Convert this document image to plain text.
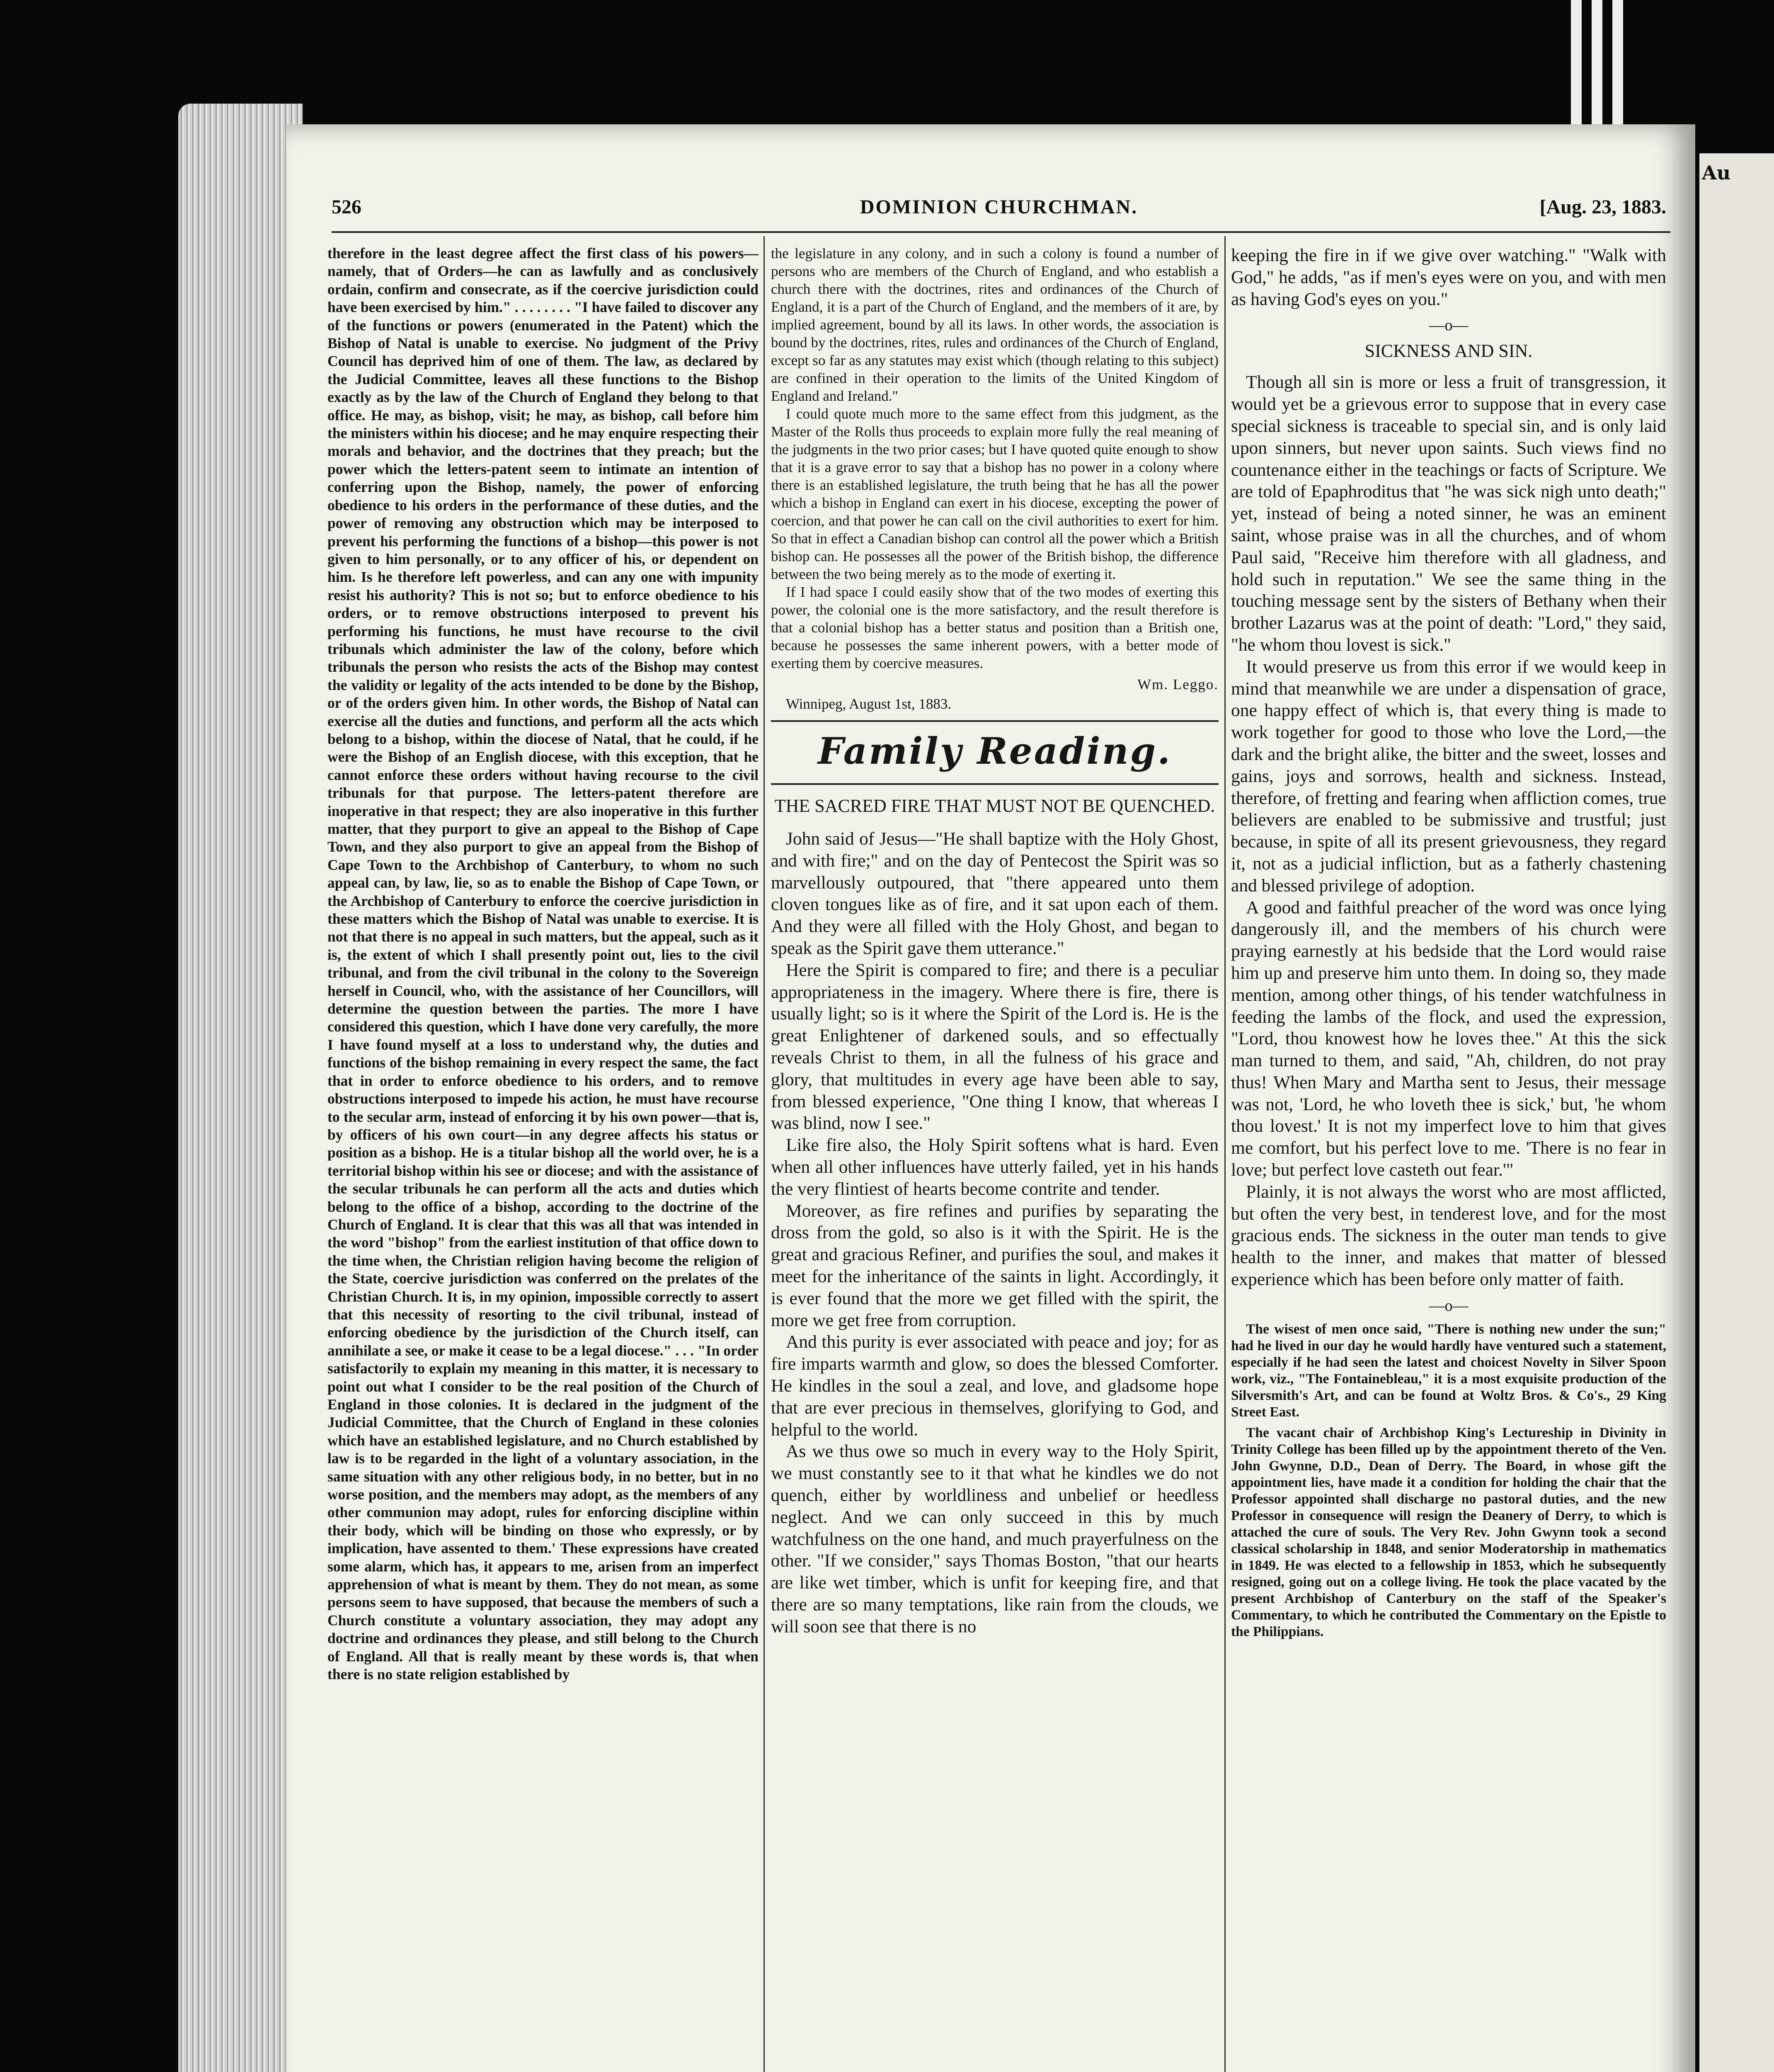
Au
526	DOMINION CHURCHMAN.	[Aug. 23, 1883.

therefore in the least degree affect the first class of his powers—namely, that of Orders—he can as lawfully and as conclusively ordain, confirm and consecrate, as if the coercive jurisdiction could have been exercised by him." . . . . . . . . "I have failed to discover any of the functions or powers (enumerated in the Patent) which the Bishop of Natal is unable to exercise. No judgment of the Privy Council has deprived him of one of them. The law, as declared by the Judicial Committee, leaves all these functions to the Bishop exactly as by the law of the Church of England they belong to that office. He may, as bishop, visit; he may, as bishop, call before him the ministers within his diocese; and he may enquire respecting their morals and behavior, and the doctrines that they preach; but the power which the letters-patent seem to intimate an intention of conferring upon the Bishop, namely, the power of enforcing obedience to his orders in the performance of these duties, and the power of removing any obstruction which may be interposed to prevent his performing the functions of a bishop—this power is not given to him personally, or to any officer of his, or dependent on him. Is he therefore left powerless, and can any one with impunity resist his authority? This is not so; but to enforce obedience to his orders, or to remove obstructions interposed to prevent his performing his functions, he must have recourse to the civil tribunals which administer the law of the colony, before which tribunals the person who resists the acts of the Bishop may contest the validity or legality of the acts intended to be done by the Bishop, or of the orders given him. In other words, the Bishop of Natal can exercise all the duties and functions, and perform all the acts which belong to a bishop, within the diocese of Natal, that he could, if he were the Bishop of an English diocese, with this exception, that he cannot enforce these orders without having recourse to the civil tribunals for that purpose. The letters-patent therefore are inoperative in that respect; they are also inoperative in this further matter, that they purport to give an appeal to the Bishop of Cape Town, and they also purport to give an appeal from the Bishop of Cape Town to the Archbishop of Canterbury, to whom no such appeal can, by law, lie, so as to enable the Bishop of Cape Town, or the Archbishop of Canterbury to enforce the coercive jurisdiction in these matters which the Bishop of Natal was unable to exercise. It is not that there is no appeal in such matters, but the appeal, such as it is, the extent of which I shall presently point out, lies to the civil tribunal, and from the civil tribunal in the colony to the Sovereign herself in Council, who, with the assistance of her Councillors, will determine the question between the parties. The more I have considered this question, which I have done very carefully, the more I have found myself at a loss to understand why, the duties and functions of the bishop remaining in every respect the same, the fact that in order to enforce obedience to his orders, and to remove obstructions interposed to impede his action, he must have recourse to the secular arm, instead of enforcing it by his own power—that is, by officers of his own court—in any degree affects his status or position as a bishop. He is a titular bishop all the world over, he is a territorial bishop within his see or diocese; and with the assistance of the secular tribunals he can perform all the acts and duties which belong to the office of a bishop, according to the doctrine of the Church of England. It is clear that this was all that was intended in the word "bishop" from the earliest institution of that office down to the time when, the Christian religion having become the religion of the State, coercive jurisdiction was conferred on the prelates of the Christian Church. It is, in my opinion, impossible correctly to assert that this necessity of resorting to the civil tribunal, instead of enforcing obedience by the jurisdiction of the Church itself, can annihilate a see, or make it cease to be a legal diocese." . . . "In order satisfactorily to explain my meaning in this matter, it is necessary to point out what I consider to be the real position of the Church of England in those colonies. It is declared in the judgment of the Judicial Committee, that the Church of England in these colonies which have an established legislature, and no Church established by law is to be regarded in the light of a voluntary association, in the same situation with any other religious body, in no better, but in no worse position, and the members may adopt, as the members of any other communion may adopt, rules for enforcing discipline within their body, which will be binding on those who expressly, or by implication, have assented to them.' These expressions have created some alarm, which has, it appears to me, arisen from an imperfect apprehension of what is meant by them. They do not mean, as some persons seem to have supposed, that because the members of such a Church constitute a voluntary association, they may adopt any doctrine and ordinances they please, and still belong to the Church of England. All that is really meant by these words is, that when there is no state religion established by

the legislature in any colony, and in such a colony is found a number of persons who are members of the Church of England, and who establish a church there with the doctrines, rites and ordinances of the Church of England, it is a part of the Church of England, and the members of it are, by implied agreement, bound by all its laws. In other words, the association is bound by the doctrines, rites, rules and ordinances of the Church of England, except so far as any statutes may exist which (though relating to this subject) are confined in their operation to the limits of the United Kingdom of England and Ireland."

I could quote much more to the same effect from this judgment, as the Master of the Rolls thus proceeds to explain more fully the real meaning of the judgments in the two prior cases; but I have quoted quite enough to show that it is a grave error to say that a bishop has no power in a colony where there is an established legislature, the truth being that he has all the power which a bishop in England can exert in his diocese, excepting the power of coercion, and that power he can call on the civil authorities to exert for him. So that in effect a Canadian bishop can control all the power which a British bishop can. He possesses all the power of the British bishop, the difference between the two being merely as to the mode of exerting it.

If I had space I could easily show that of the two modes of exerting this power, the colonial one is the more satisfactory, and the result therefore is that a colonial bishop has a better status and position than a British one, because he possesses the same inherent powers, with a better mode of exerting them by coercive measures.

Wm. Leggo.

Winnipeg, August 1st, 1883.

Family Reading.
THE SACRED FIRE THAT MUST NOT BE QUENCHED.

John said of Jesus—"He shall baptize with the Holy Ghost, and with fire;" and on the day of Pentecost the Spirit was so marvellously outpoured, that "there appeared unto them cloven tongues like as of fire, and it sat upon each of them. And they were all filled with the Holy Ghost, and began to speak as the Spirit gave them utterance."

Here the Spirit is compared to fire; and there is a peculiar appropriateness in the imagery. Where there is fire, there is usually light; so is it where the Spirit of the Lord is. He is the great Enlightener of darkened souls, and so effectually reveals Christ to them, in all the fulness of his grace and glory, that multitudes in every age have been able to say, from blessed experience, "One thing I know, that whereas I was blind, now I see."

Like fire also, the Holy Spirit softens what is hard. Even when all other influences have utterly failed, yet in his hands the very flintiest of hearts become contrite and tender.

Moreover, as fire refines and purifies by separating the dross from the gold, so also is it with the Spirit. He is the great and gracious Refiner, and purifies the soul, and makes it meet for the inheritance of the saints in light. Accordingly, it is ever found that the more we get filled with the spirit, the more we get free from corruption.

And this purity is ever associated with peace and joy; for as fire imparts warmth and glow, so does the blessed Comforter. He kindles in the soul a zeal, and love, and gladsome hope that are ever precious in themselves, glorifying to God, and helpful to the world.

As we thus owe so much in every way to the Holy Spirit, we must constantly see to it that what he kindles we do not quench, either by worldliness and unbelief or heedless neglect. And we can only succeed in this by much watchfulness on the one hand, and much prayerfulness on the other. "If we consider," says Thomas Boston, "that our hearts are like wet timber, which is unfit for keeping fire, and that there are so many temptations, like rain from the clouds, we will soon see that there is no

keeping the fire in if we give over watching." "Walk with God," he adds, "as if men's eyes were on you, and with men as having God's eyes on you."

—o—
SICKNESS AND SIN.

Though all sin is more or less a fruit of transgression, it would yet be a grievous error to suppose that in every case special sickness is traceable to special sin, and is only laid upon sinners, but never upon saints. Such views find no countenance either in the teachings or facts of Scripture. We are told of Epaphroditus that "he was sick nigh unto death;" yet, instead of being a noted sinner, he was an eminent saint, whose praise was in all the churches, and of whom Paul said, "Receive him therefore with all gladness, and hold such in reputation." We see the same thing in the touching message sent by the sisters of Bethany when their brother Lazarus was at the point of death: "Lord," they said, "he whom thou lovest is sick."

It would preserve us from this error if we would keep in mind that meanwhile we are under a dispensation of grace, one happy effect of which is, that every thing is made to work together for good to those who love the Lord,—the dark and the bright alike, the bitter and the sweet, losses and gains, joys and sorrows, health and sickness. Instead, therefore, of fretting and fearing when affliction comes, true believers are enabled to be submissive and trustful; just because, in spite of all its present grievousness, they regard it, not as a judicial infliction, but as a fatherly chastening and blessed privilege of adoption.

A good and faithful preacher of the word was once lying dangerously ill, and the members of his church were praying earnestly at his bedside that the Lord would raise him up and preserve him unto them. In doing so, they made mention, among other things, of his tender watchfulness in feeding the lambs of the flock, and used the expression, "Lord, thou knowest how he loves thee." At this the sick man turned to them, and said, "Ah, children, do not pray thus! When Mary and Martha sent to Jesus, their message was not, 'Lord, he who loveth thee is sick,' but, 'he whom thou lovest.' It is not my imperfect love to him that gives me comfort, but his perfect love to me. 'There is no fear in love; but perfect love casteth out fear.'"

Plainly, it is not always the worst who are most afflicted, but often the very best, in tenderest love, and for the most gracious ends. The sickness in the outer man tends to give health to the inner, and makes that matter of blessed experience which has been before only matter of faith.

—o—

The wisest of men once said, "There is nothing new under the sun;" had he lived in our day he would hardly have ventured such a statement, especially if he had seen the latest and choicest Novelty in Silver Spoon work, viz., "The Fontainebleau," it is a most exquisite production of the Silversmith's Art, and can be found at Woltz Bros. & Co's., 29 King Street East.

The vacant chair of Archbishop King's Lectureship in Divinity in Trinity College has been filled up by the appointment thereto of the Ven. John Gwynne, D.D., Dean of Derry. The Board, in whose gift the appointment lies, have made it a condition for holding the chair that the Professor appointed shall discharge no pastoral duties, and the new Professor in consequence will resign the Deanery of Derry, to which is attached the cure of souls. The Very Rev. John Gwynn took a second classical scholarship in 1848, and senior Moderatorship in mathematics in 1849. He was elected to a fellowship in 1853, which he subsequently resigned, going out on a college living. He took the place vacated by the present Archbishop of Canterbury on the staff of the Speaker's Commentary, to which he contributed the Commentary on the Epistle to the Philippians.
